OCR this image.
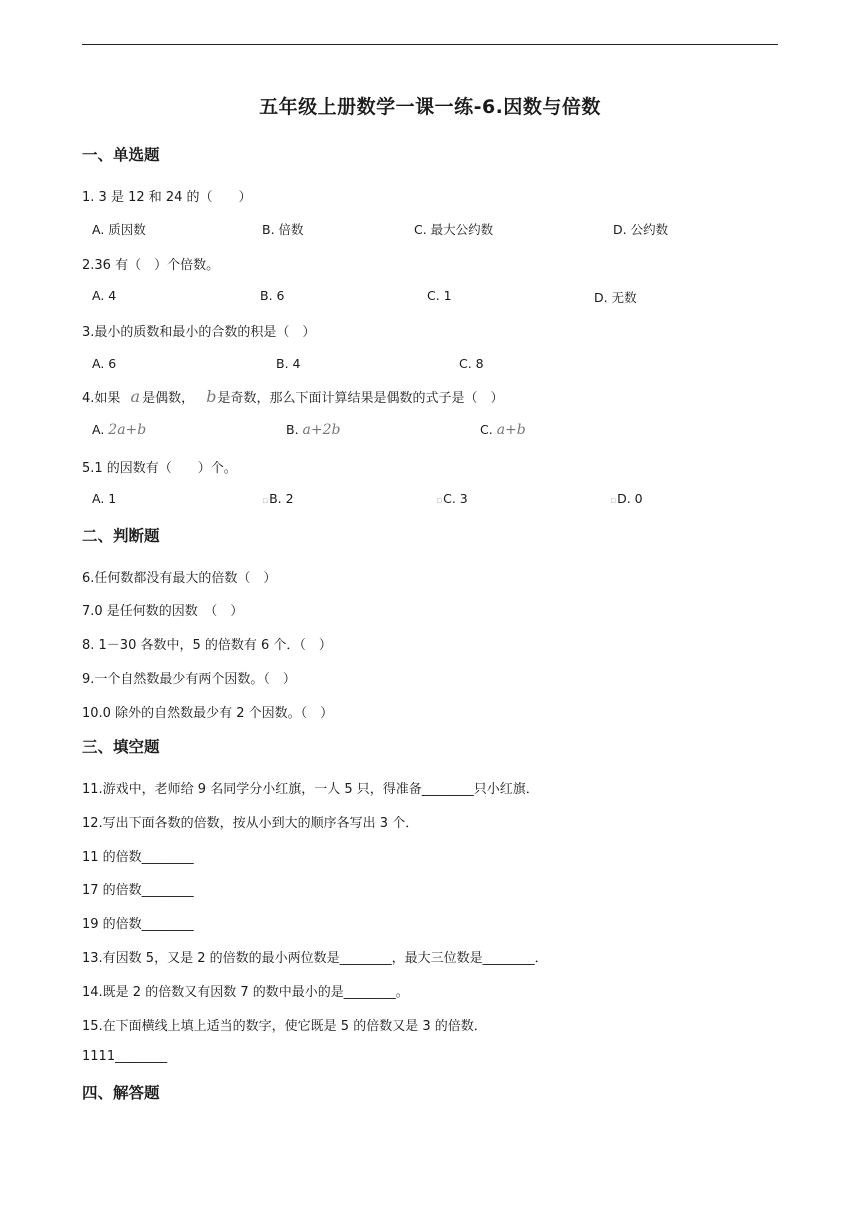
五年级上册数学一课一练-6.因数与倍数
一、单选题
1. 3 是 12 和 24 的（　　）
A. 质因数	B. 倍数	C. 最大公约数	D. 公约数
2.36 有（　）个倍数。
A. 4	B. 6	C. 1	D. 无数
3.最小的质数和最小的合数的积是（　）
A. 6	B. 4	C. 8
4.如果 a 是偶数， b是奇数，那么下面计算结果是偶数的式子是（　）
A. 2a+b	B. a+2b	C. a+b
5.1 的因数有（　　）个。
A. 1	▫B. 2	▫C. 3	▫D. 0
二、判断题
6.任何数都没有最大的倍数（　）
7.0 是任何数的因数　（　）
8. 1－30 各数中，5 的倍数有 6 个．（　）
9.一个自然数最少有两个因数。（　）
10.0 除外的自然数最少有 2 个因数。（　）
三、填空题
11.游戏中，老师给 9 名同学分小红旗，一人 5 只，得准备________只小红旗．
12.写出下面各数的倍数，按从小到大的顺序各写出 3 个．
11 的倍数________
17 的倍数________
19 的倍数________
13.有因数 5，又是 2 的倍数的最小两位数是________，最大三位数是________．
14.既是 2 的倍数又有因数 7 的数中最小的是________。
15.在下面横线上填上适当的数字，使它既是 5 的倍数又是 3 的倍数．
1111________
四、解答题
